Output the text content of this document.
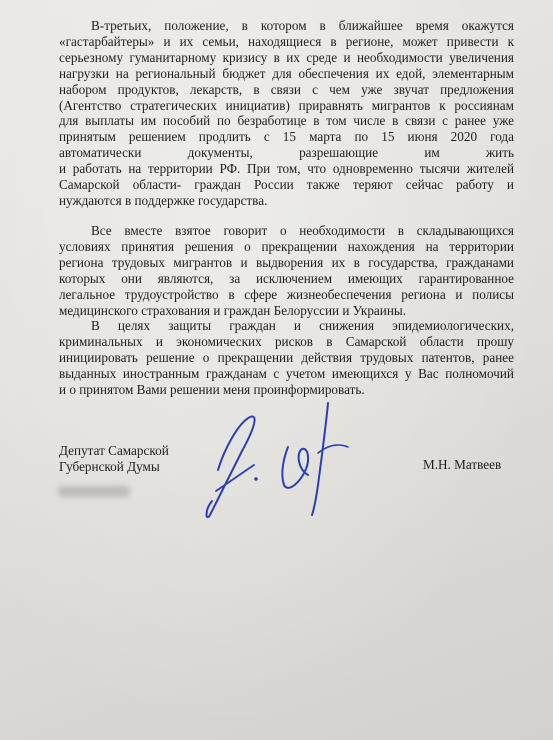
В-третьих, положение, в котором в ближайшее время окажутся
«гастарбайтеры» и их семьи, находящиеся в регионе, может привести к
серьезному гуманитарному кризису в их среде и необходимости увеличения
нагрузки на региональный бюджет для обеспечения их едой, элементарным
набором продуктов, лекарств, в связи с чем уже звучат предложения
(Агентство стратегических инициатив) приравнять мигрантов к россиянам
для выплаты им пособий по безработице в том числе в связи с ранее уже
принятым решением продлить с 15 марта по 15 июня 2020 года
автоматически документы, разрешающие им жить
и работать на территории РФ. При том, что одновременно тысячи жителей
Самарской области- граждан России также теряют сейчас работу и
нуждаются в поддержке государства.
Все вместе взятое говорит о необходимости в складывающихся
условиях принятия решения о прекращении нахождения на территории
региона трудовых мигрантов и выдворения их в государства, гражданами
которых они являются, за исключением имеющих гарантированное
легальное трудоустройство в сфере жизнеобеспечения региона и полисы
медицинского страхования и граждан Белоруссии и Украины.
В целях защиты граждан и снижения эпидемиологических,
криминальных и экономических рисков в Самарской области прошу
инициировать решение о прекращении действия трудовых патентов, ранее
выданных иностранным гражданам с учетом имеющихся у Вас полномочий
и о принятом Вами решении меня проинформировать.
Депутат Самарской
Губернской Думы	М.Н. Матвеев
